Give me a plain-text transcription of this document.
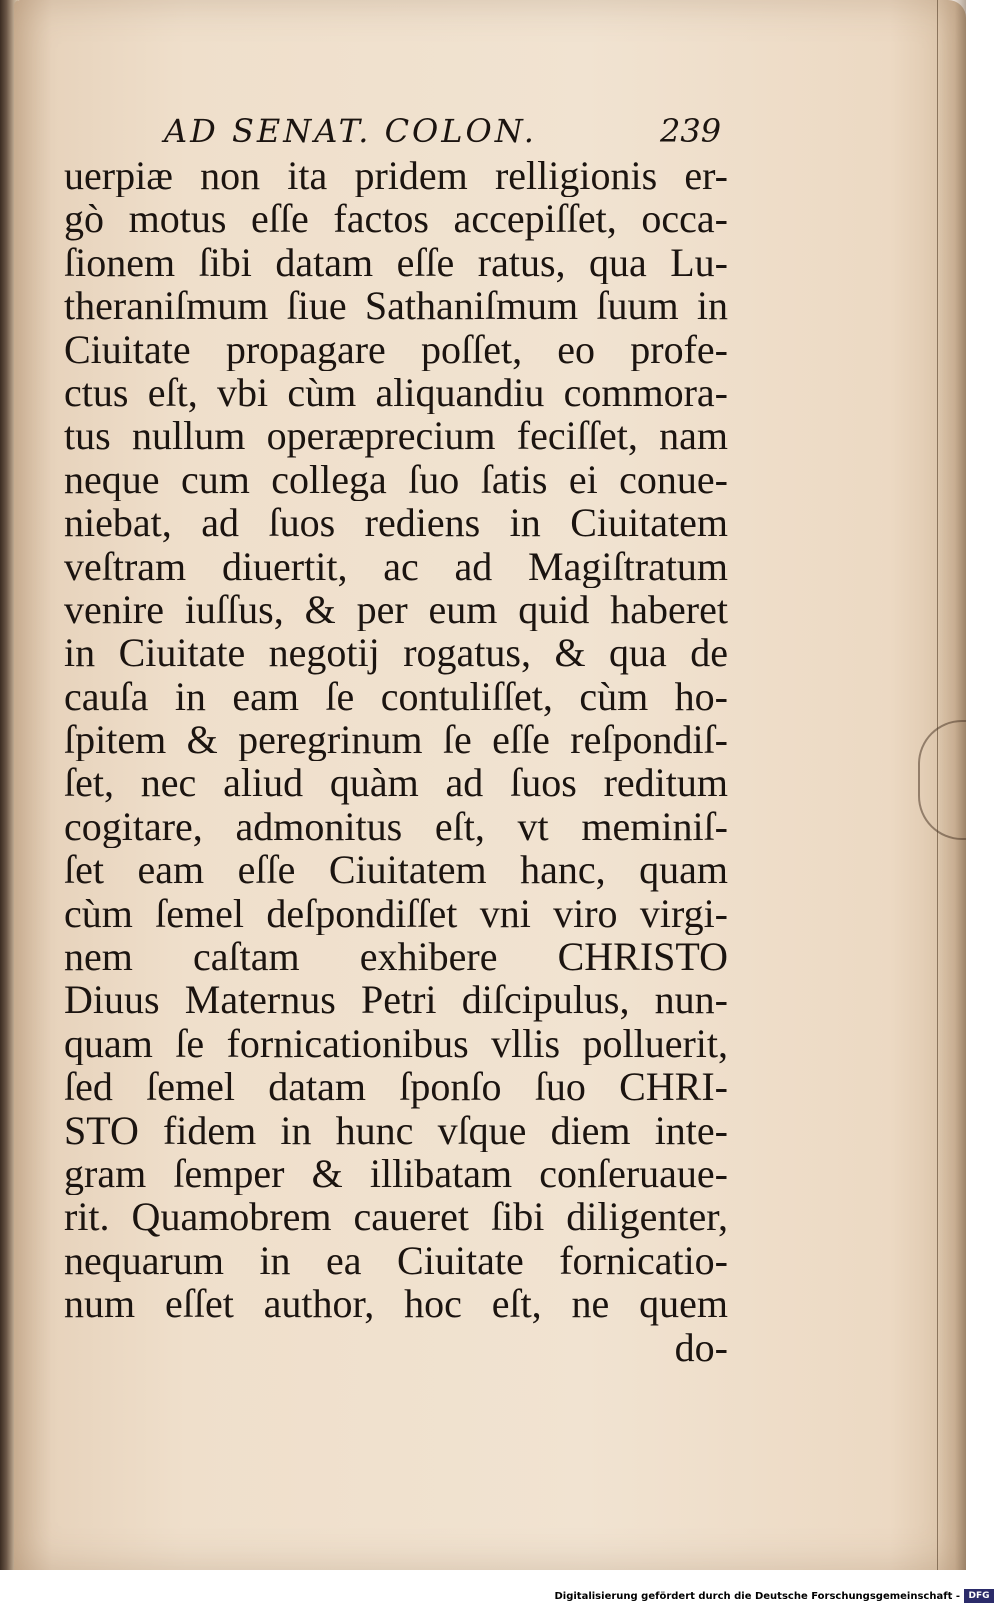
AD SENAT. COLON.	239
uerpiæ non ita pridem relligionis er-
gò motus eſſe factos accepiſſet, occa-
ſionem ſibi datam eſſe ratus, qua Lu-
theraniſmum ſiue Sathaniſmum ſuum in
Ciuitate propagare poſſet, eo profe-
ctus eſt, vbi cùm aliquandiu commora-
tus nullum operæprecium feciſſet, nam
neque cum collega ſuo ſatis ei conue-
niebat, ad ſuos rediens in Ciuitatem
veſtram diuertit, ac ad Magiſtratum
venire iuſſus, & per eum quid haberet
in Ciuitate negotij rogatus, & qua de
cauſa in eam ſe contuliſſet, cùm ho-
ſpitem & peregrinum ſe eſſe reſpondiſ-
ſet, nec aliud quàm ad ſuos reditum
cogitare, admonitus eſt, vt meminiſ-
ſet eam eſſe Ciuitatem hanc, quam
cùm ſemel deſpondiſſet vni viro virgi-
nem caſtam exhibere CHRISTO
Diuus Maternus Petri diſcipulus, nun-
quam ſe fornicationibus vllis polluerit,
ſed ſemel datam ſponſo ſuo CHRI-
STO fidem in hunc vſque diem inte-
gram ſemper & illibatam conſeruaue-
rit. Quamobrem caueret ſibi diligenter,
nequarum in ea Ciuitate fornicatio-
num eſſet author, hoc eſt, ne quem
do-
Digitalisierung gefördert durch die Deutsche Forschungsgemeinschaft - DFG
